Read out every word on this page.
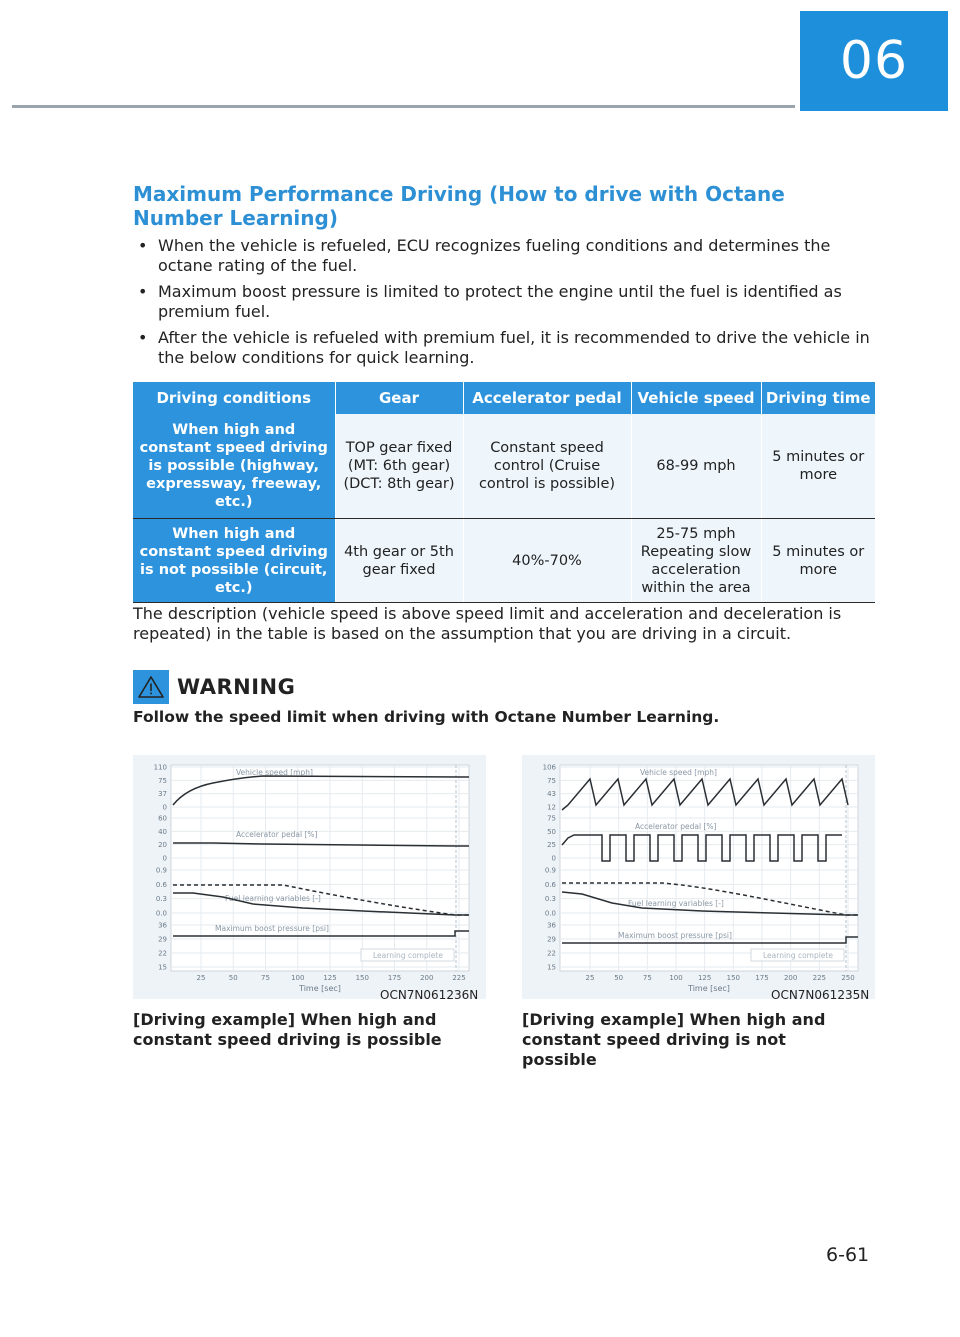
06
Maximum Performance Driving (How to drive with Octane Number Learning)
• When the vehicle is refueled, ECU recognizes fueling conditions and determines the octane rating of the fuel.
• Maximum boost pressure is limited to protect the engine until the fuel is identified as premium fuel.
• After the vehicle is refueled with premium fuel, it is recommended to drive the vehicle in the below conditions for quick learning.
Driving conditions	Gear	Accelerator pedal	Vehicle speed	Driving time
When high and constant speed driving is possible (highway, expressway, freeway, etc.)	TOP gear fixed (MT: 6th gear) (DCT: 8th gear)	Constant speed control (Cruise control is possible)	68-99 mph	5 minutes or more
When high and constant speed driving is not possible (circuit, etc.)	4th gear or 5th gear fixed	40%-70%	25-75 mph Repeating slow acceleration within the area	5 minutes or more

The description (vehicle speed is above speed limit and acceleration and deceleration is repeated) in the table is based on the assumption that you are driving in a circuit.

WARNING

Follow the speed limit when driving with Octane Number Learning.

25	50	75	100	125	150	175	200	225
Time [sec]
110
75
37
0
Vehicle speed [mph]
60
40
20
0
Accelerator pedal [%]
0.9
0.6
0.3
0.0
Fuel learning variables [-]
36
29
22
15
Maximum boost pressure [psi]
Learning complete
OCN7N061236N

[Driving example] When high and constant speed driving is possible

25	50	75	100 125 150 175 200 225 250
Time [sec]
106
75
43
12
Vehicle speed [mph]
75
50
25
0
Accelerator pedal [%]
0.9
0.6
0.3
0.0
Fuel learning variables [-]
36
29
22
15
Maximum boost pressure [psi]
Learning complete
OCN7N061235N

[Driving example] When high and constant speed driving is not possible

6-61
